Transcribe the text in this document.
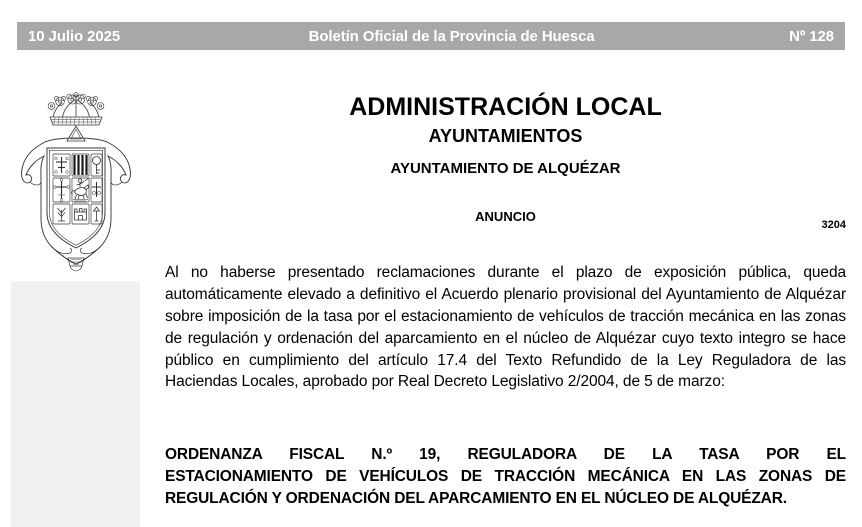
10 Julio 2025	Boletín Oficial de la Provincia de Huesca	Nº 128
ADMINISTRACIÓN LOCAL
AYUNTAMIENTOS
AYUNTAMIENTO DE ALQUÉZAR
3204
ANUNCIO
Al no haberse presentado reclamaciones durante el plazo de exposición pública, queda automáticamente elevado a definitivo el Acuerdo plenario provisional del Ayuntamiento de Alquézar sobre imposición de la tasa por el estacionamiento de vehículos de tracción mecánica en las zonas de regulación y ordenación del aparcamiento en el núcleo de Alquézar cuyo texto integro se hace público en cumplimiento del artículo 17.4 del Texto Refundido de la Ley Reguladora de las Haciendas Locales, aprobado por Real Decreto Legislativo 2/2004, de 5 de marzo:
ORDENANZA FISCAL N.º 19, REGULADORA DE LA TASA POR EL
ESTACIONAMIENTO DE VEHÍCULOS DE TRACCIÓN MECÁNICA EN LAS ZONAS DE
REGULACIÓN Y ORDENACIÓN DEL APARCAMIENTO EN EL NÚCLEO DE ALQUÉZAR.
